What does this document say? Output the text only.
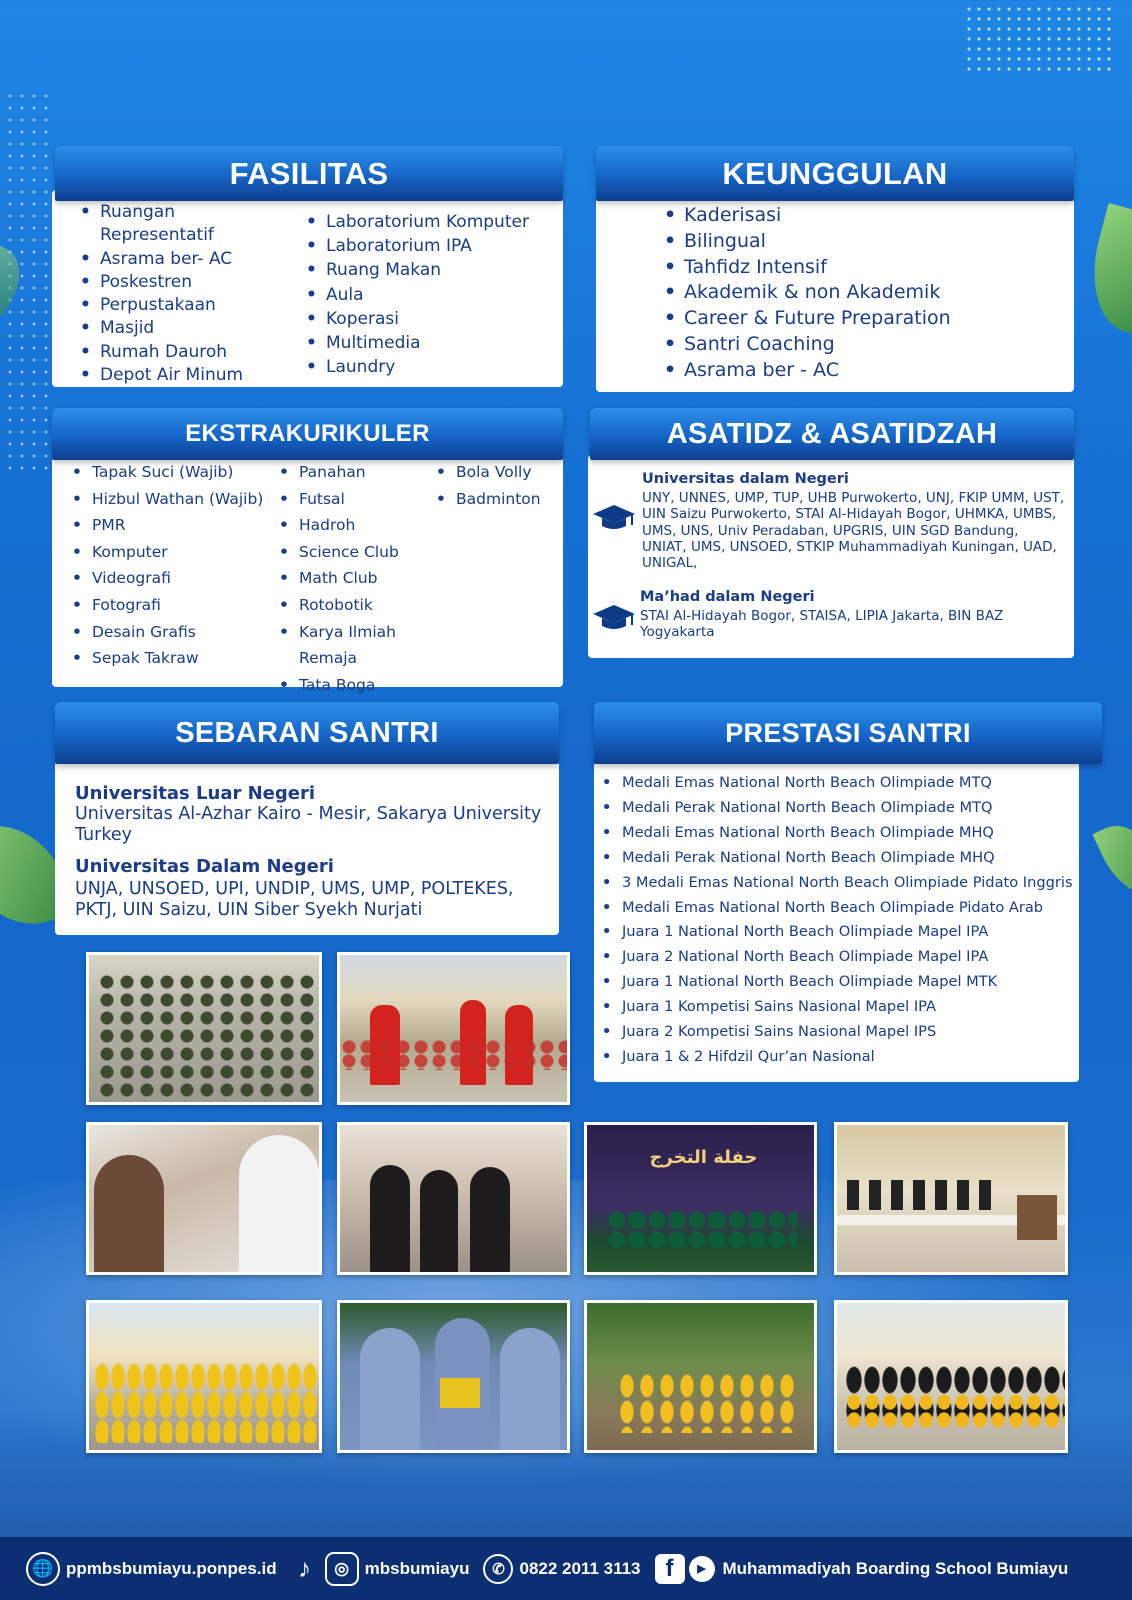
• Ruangan Representatif
• Asrama ber- AC
• Poskestren
• Perpustakaan
• Masjid
• Rumah Dauroh
• Depot Air Minum
• Laboratorium Komputer
• Laboratorium IPA
• Ruang Makan
• Aula
• Koperasi
• Multimedia
• Laundry
FASILITAS
• Kaderisasi
• Bilingual
• Tahfidz Intensif
• Akademik & non Akademik
• Career & Future Preparation
• Santri Coaching
• Asrama ber - AC
KEUNGGULAN
• Tapak Suci (Wajib)
• Hizbul Wathan (Wajib)
• PMR
• Komputer
• Videografi
• Fotografi
• Desain Grafis
• Sepak Takraw
• Panahan
• Futsal
• Hadroh
• Science Club
• Math Club
• Rotobotik
• Karya Ilmiah Remaja
• Tata Boga
• Bola Volly
• Badminton
EKSTRAKURIKULER
Universitas dalam Negeri
UNY, UNNES, UMP, TUP, UHB Purwokerto, UNJ, FKIP UMM, UST, UIN Saizu Purwokerto, STAI Al-Hidayah Bogor, UHMKA, UMBS, UMS, UNS, Univ Peradaban, UPGRIS, UIN SGD Bandung, UNIAT, UMS, UNSOED, STKIP Muhammadiyah Kuningan, UAD, UNIGAL,
Ma’had dalam Negeri
STAI Al-Hidayah Bogor, STAISA, LIPIA Jakarta, BIN BAZ Yogyakarta
ASATIDZ & ASATIDZAH
Universitas Luar Negeri
Universitas Al-Azhar Kairo - Mesir, Sakarya University Turkey
Universitas Dalam Negeri
UNJA, UNSOED, UPI, UNDIP, UMS, UMP, POLTEKES, PKTJ, UIN Saizu, UIN Siber Syekh Nurjati
SEBARAN SANTRI
• Medali Emas National North Beach Olimpiade MTQ
• Medali Perak National North Beach Olimpiade MTQ
• Medali Emas National North Beach Olimpiade MHQ
• Medali Perak National North Beach Olimpiade MHQ
• 3 Medali Emas National North Beach Olimpiade Pidato Inggris
• Medali Emas National North Beach Olimpiade Pidato Arab
• Juara 1 National North Beach Olimpiade Mapel IPA
• Juara 2 National North Beach Olimpiade Mapel IPA
• Juara 1 National North Beach Olimpiade Mapel MTK
• Juara 1 Kompetisi Sains Nasional Mapel IPA
• Juara 2 Kompetisi Sains Nasional Mapel IPS
• Juara 1 & 2 Hifdzil Qur’an Nasional
PRESTASI SANTRI
حفلة التخرج
🌐 ppmbsbumiayu.ponpes.id ♪	◎ mbsbumiayu	✆ 0822 2011 3113	f	▶ Muhammadiyah Boarding School Bumiayu
